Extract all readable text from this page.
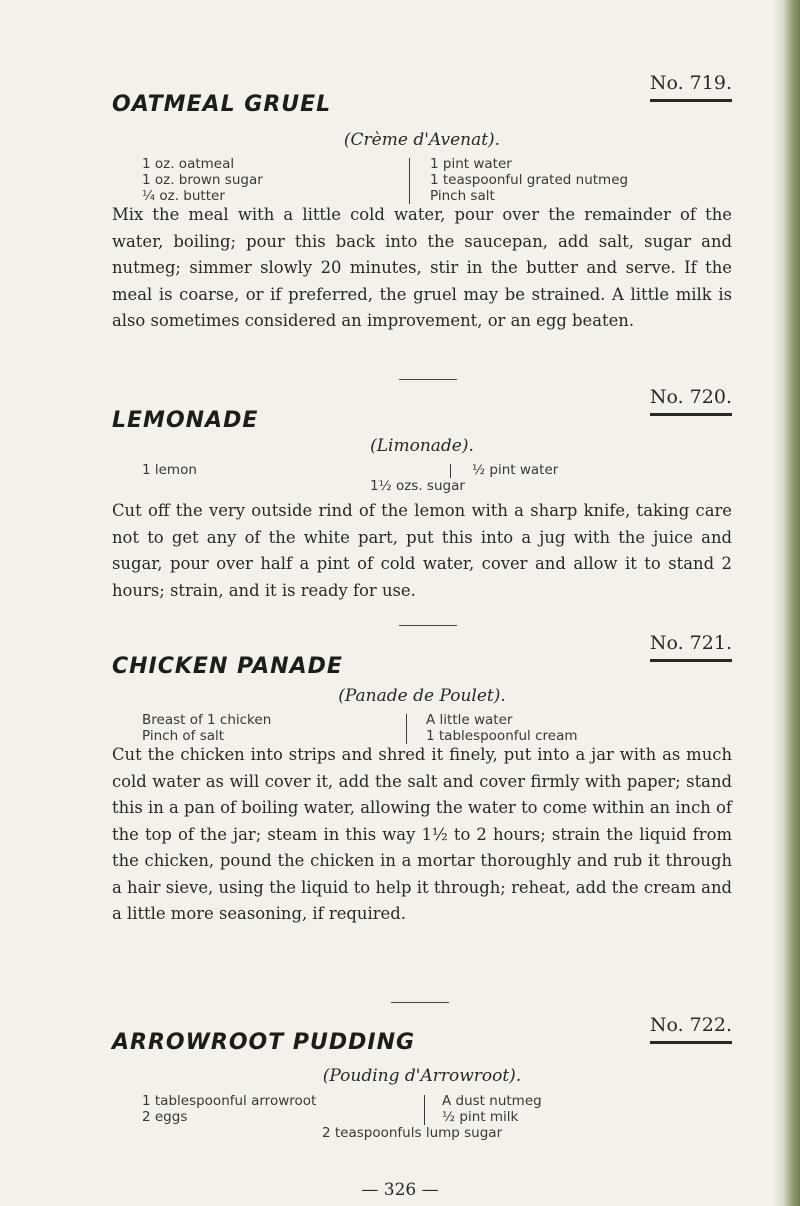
No. 719.
OATMEAL GRUEL
(Crème d'Avenat).
1 oz. oatmeal
1 oz. brown sugar
¼ oz. butter
1 pint water
1 teaspoonful grated nutmeg
Pinch salt
Mix the meal with a little cold water, pour over the remainder of the water, boiling; pour this back into the saucepan, add salt, sugar and nutmeg; simmer slowly 20 minutes, stir in the butter and serve. If the meal is coarse, or if preferred, the gruel may be strained. A little milk is also sometimes considered an improvement, or an egg beaten.
No. 720.
LEMONADE
(Limonade).
1 lemon	½ pint water
1½ ozs. sugar
Cut off the very outside rind of the lemon with a sharp knife, taking care not to get any of the white part, put this into a jug with the juice and sugar, pour over half a pint of cold water, cover and allow it to stand 2 hours; strain, and it is ready for use.
No. 721.
CHICKEN PANADE
(Panade de Poulet).
Breast of 1 chicken
Pinch of salt
A little water
1 tablespoonful cream
Cut the chicken into strips and shred it finely, put into a jar with as much cold water as will cover it, add the salt and cover firmly with paper; stand this in a pan of boiling water, allowing the water to come within an inch of the top of the jar; steam in this way 1½ to 2 hours; strain the liquid from the chicken, pound the chicken in a mortar thoroughly and rub it through a hair sieve, using the liquid to help it through; reheat, add the cream and a little more seasoning, if required.
No. 722.
ARROWROOT PUDDING
(Pouding d'Arrowroot).
1 tablespoonful arrowroot
2 eggs
A dust nutmeg
½ pint milk
2 teaspoonfuls lump sugar
— 326 —
